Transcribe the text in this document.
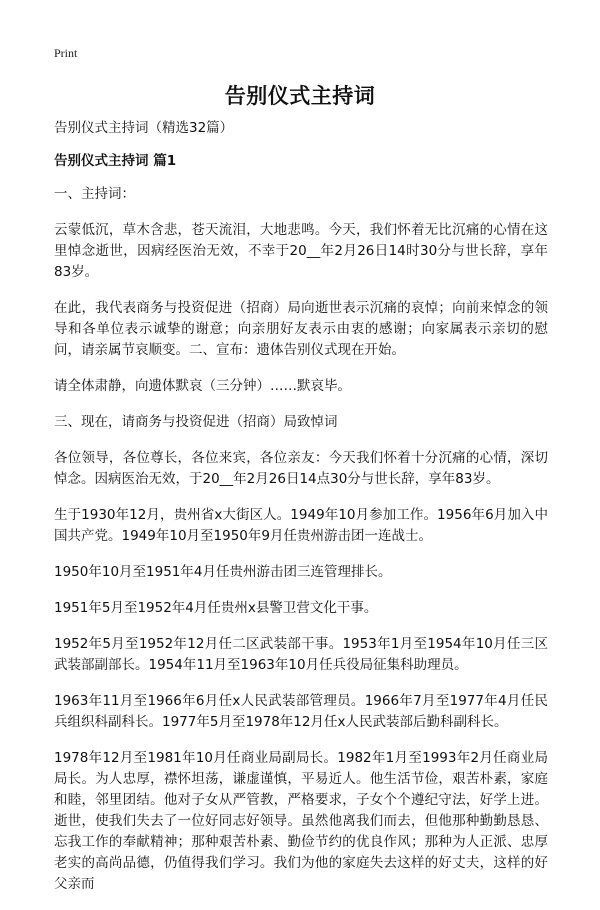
Print
告别仪式主持词

告别仪式主持词（精选32篇）

告别仪式主持词 篇1

一、主持词：

云蒙低沉，草木含悲，苍天流泪，大地悲鸣。今天，我们怀着无比沉痛的心情在这里悼念逝世，因病经医治无效，不幸于20__年2月26日14时30分与世长辞，享年83岁。

在此，我代表商务与投资促进（招商）局向逝世表示沉痛的哀悼；向前来悼念的领导和各单位表示诚挚的谢意；向亲朋好友表示由衷的感谢；向家属表示亲切的慰问，请亲属节哀顺变。二、宣布：遗体告别仪式现在开始。

请全体肃静，向遗体默哀（三分钟）……默哀毕。

三、现在，请商务与投资促进（招商）局致悼词

各位领导，各位尊长，各位来宾，各位亲友：今天我们怀着十分沉痛的心情，深切悼念。因病医治无效，于20__年2月26日14点30分与世长辞，享年83岁。

生于1930年12月，贵州省x大街区人。1949年10月参加工作。1956年6月加入中国共产党。1949年10月至1950年9月任贵州游击团一连战士。

1950年10月至1951年4月任贵州游击团三连管理排长。

1951年5月至1952年4月任贵州x县警卫营文化干事。

1952年5月至1952年12月任二区武装部干事。1953年1月至1954年10月任三区武装部副部长。1954年11月至1963年10月任兵役局征集科助理员。

1963年11月至1966年6月任x人民武装部管理员。1966年7月至1977年4月任民兵组织科副科长。1977年5月至1978年12月任x人民武装部后勤科副科长。

1978年12月至1981年10月任商业局副局长。1982年1月至1993年2月任商业局局长。为人忠厚，襟怀坦荡，谦虚谨慎，平易近人。他生活节俭，艰苦朴素，家庭和睦，邻里团结。他对子女从严管教，严格要求，子女个个遵纪守法，好学上进。逝世，使我们失去了一位好同志好领导。虽然他离我们而去，但他那种勤勤恳恳、忘我工作的奉献精神；那种艰苦朴素、勤俭节约的优良作风；那种为人正派、忠厚老实的高尚品德，仍值得我们学习。我们为他的家庭失去这样的好丈夫，这样的好父亲而
